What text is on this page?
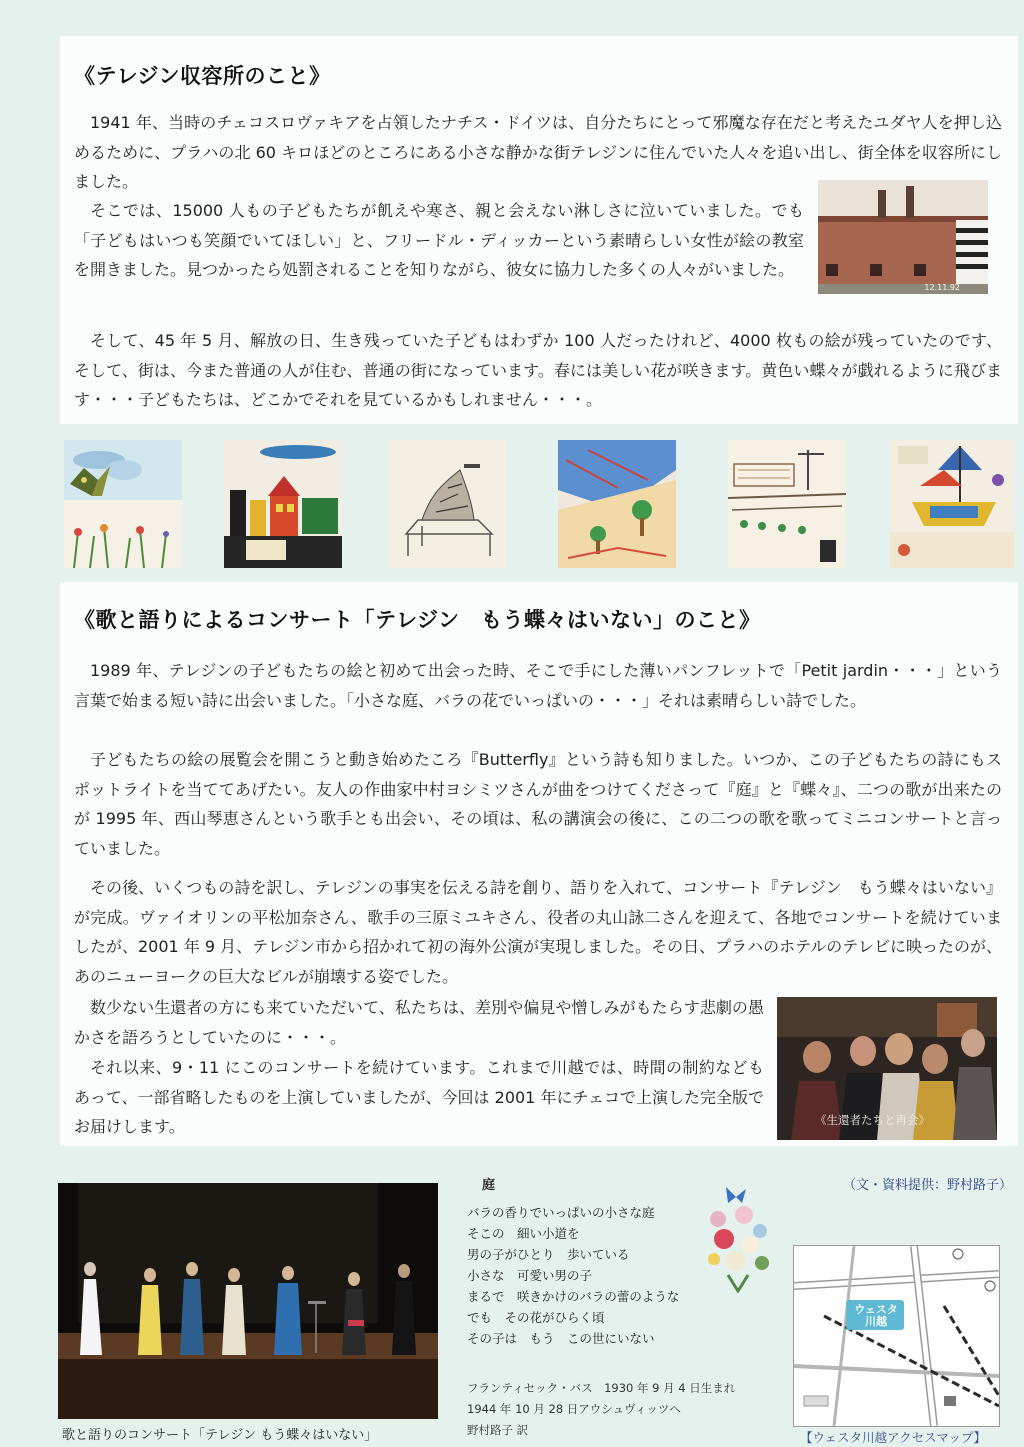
《テレジン収容所のこと》

1941 年、当時のチェコスロヴァキアを占領したナチス・ドイツは、自分たちにとって邪魔な存在だと考えたユダヤ人を押し込めるために、プラハの北 60 キロほどのところにある小さな静かな街テレジンに住んでいた人々を追い出し、街全体を収容所にしました。

そこでは、15000 人もの子どもたちが飢えや寒さ、親と会えない淋しさに泣いていました。でも「子どもはいつも笑顔でいてほしい」と、フリードル・ディッカーという素晴らしい女性が絵の教室を開きました。見つかったら処罰されることを知りながら、彼女に協力した多くの人々がいました。

そして、45 年 5 月、解放の日、生き残っていた子どもはわずか 100 人だったけれど、4000 枚もの絵が残っていたのです、そして、街は、今また普通の人が住む、普通の街になっています。春には美しい花が咲きます。黄色い蝶々が戯れるように飛びます・・・子どもたちは、どこかでそれを見ているかもしれません・・・。

12.11.92
《歌と語りによるコンサート「テレジン　もう蝶々はいない」のこと》

1989 年、テレジンの子どもたちの絵と初めて出会った時、そこで手にした薄いパンフレットで「Petit jardin・・・」という言葉で始まる短い詩に出会いました。「小さな庭、バラの花でいっぱいの・・・」それは素晴らしい詩でした。

子どもたちの絵の展覧会を開こうと動き始めたころ『Butterfly』という詩も知りました。いつか、この子どもたちの詩にもスポットライトを当ててあげたい。友人の作曲家中村ヨシミツさんが曲をつけてくださって『庭』と『蝶々』、二つの歌が出来たのが 1995 年、西山琴恵さんという歌手とも出会い、その頃は、私の講演会の後に、この二つの歌を歌ってミニコンサートと言っていました。

その後、いくつもの詩を訳し、テレジンの事実を伝える詩を創り、語りを入れて、コンサート『テレジン　もう蝶々はいない』が完成。ヴァイオリンの平松加奈さん、歌手の三原ミユキさん、役者の丸山詠二さんを迎えて、各地でコンサートを続けていましたが、2001 年 9 月、テレジン市から招かれて初の海外公演が実現しました。その日、プラハのホテルのテレビに映ったのが、あのニューヨークの巨大なビルが崩壊する姿でした。

数少ない生還者の方にも来ていただいて、私たちは、差別や偏見や憎しみがもたらす悲劇の愚かさを語ろうとしていたのに・・・。

それ以来、9・11 にこのコンサートを続けています。これまで川越では、時間の制約などもあって、一部省略したものを上演していましたが、今回は 2001 年にチェコで上演した完全版でお届けします。	《生還者たちと再会》
歌と語りのコンサート「テレジン もう蝶々はいない」
庭
バラの香りでいっぱいの小さな庭
そこの　細い小道を
男の子がひとり　歩いている
小さな　可愛い男の子
まるで　咲きかけのバラの蕾のような
でも　その花がひらく頃
その子は　もう　この世にいない
フランティセック・バス　1930 年 9 月 4 日生まれ
1944 年 10 月 28 日アウシュヴィッツへ
野村路子 訳
（文・資料提供：野村路子）
ウェスタ川越
【ウェスタ川越アクセスマップ】
